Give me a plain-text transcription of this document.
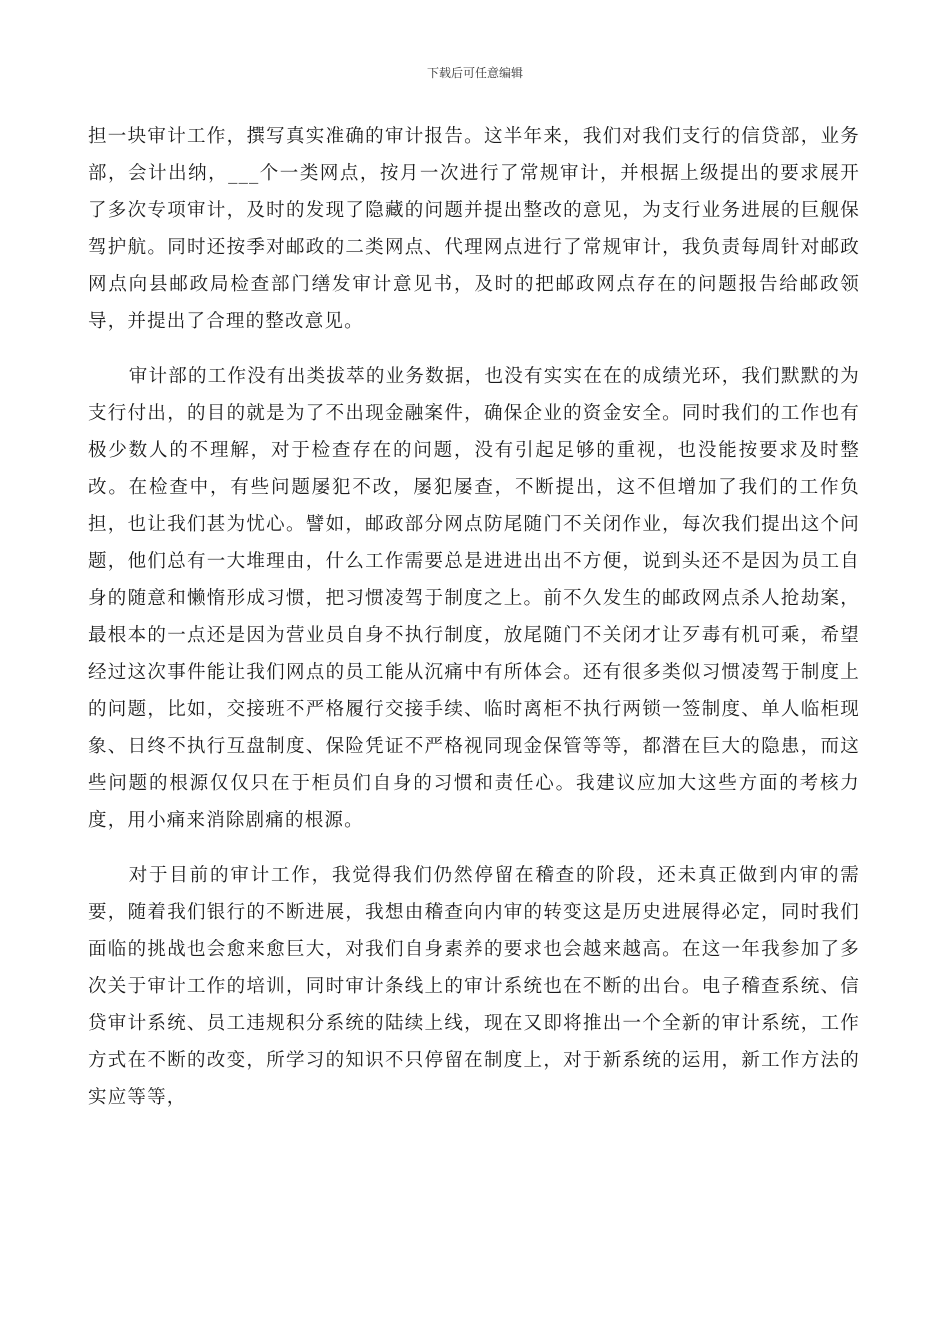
下载后可任意编辑

担一块审计工作，撰写真实准确的审计报告。这半年来，我们对我们支行的信贷部，业务部，会计出纳，___个一类网点，按月一次进行了常规审计，并根据上级提出的要求展开了多次专项审计，及时的发现了隐藏的问题并提出整改的意见，为支行业务进展的巨舰保驾护航。同时还按季对邮政的二类网点、代理网点进行了常规审计，我负责每周针对邮政网点向县邮政局检查部门缮发审计意见书，及时的把邮政网点存在的问题报告给邮政领导，并提出了合理的整改意见。

审计部的工作没有出类拔萃的业务数据，也没有实实在在的成绩光环，我们默默的为支行付出，的目的就是为了不出现金融案件，确保企业的资金安全。同时我们的工作也有极少数人的不理解，对于检查存在的问题，没有引起足够的重视，也没能按要求及时整改。在检查中，有些问题屡犯不改，屡犯屡查，不断提出，这不但增加了我们的工作负担，也让我们甚为忧心。譬如，邮政部分网点防尾随门不关闭作业，每次我们提出这个问题，他们总有一大堆理由，什么工作需要总是进进出出不方便，说到头还不是因为员工自身的随意和懒惰形成习惯，把习惯凌驾于制度之上。前不久发生的邮政网点杀人抢劫案，最根本的一点还是因为营业员自身不执行制度，放尾随门不关闭才让歹毒有机可乘，希望经过这次事件能让我们网点的员工能从沉痛中有所体会。还有很多类似习惯凌驾于制度上的问题，比如，交接班不严格履行交接手续、临时离柜不执行两锁一签制度、单人临柜现象、日终不执行互盘制度、保险凭证不严格视同现金保管等等，都潜在巨大的隐患，而这些问题的根源仅仅只在于柜员们自身的习惯和责任心。我建议应加大这些方面的考核力度，用小痛来消除剧痛的根源。

对于目前的审计工作，我觉得我们仍然停留在稽查的阶段，还未真正做到内审的需要，随着我们银行的不断进展，我想由稽查向内审的转变这是历史进展得必定，同时我们面临的挑战也会愈来愈巨大，对我们自身素养的要求也会越来越高。在这一年我参加了多次关于审计工作的培训，同时审计条线上的审计系统也在不断的出台。电子稽查系统、信贷审计系统、员工违规积分系统的陆续上线，现在又即将推出一个全新的审计系统，工作方式在不断的改变，所学习的知识不只停留在制度上，对于新系统的运用，新工作方法的实应等等，
